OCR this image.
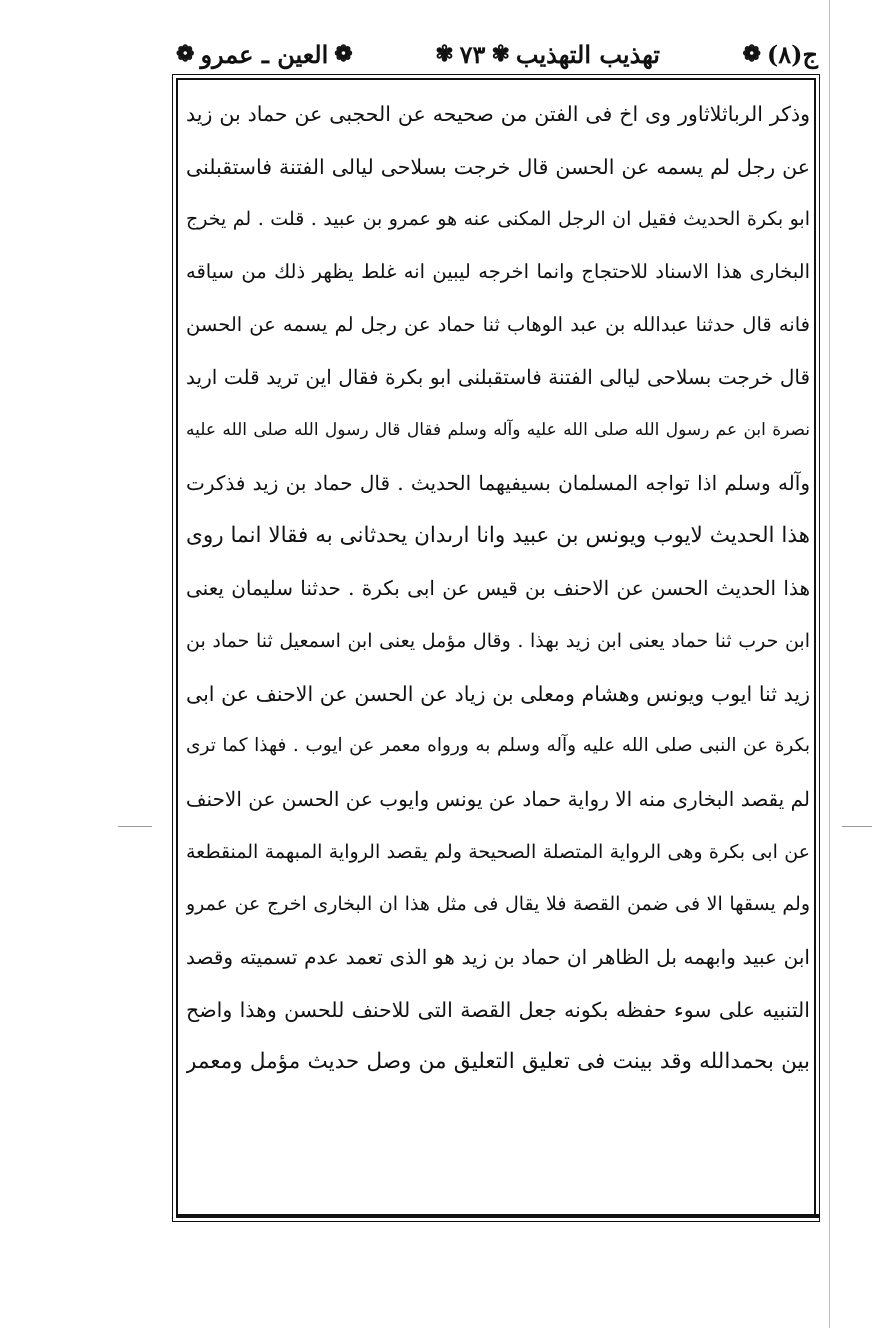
ج(٨)
❁
تهذيب التهذيب
✾
٧٣
✾
❁
العين ـ عمرو
❁
وذكر الرباثلاثاور وى اخ فى الفتن من صحيحه عن الحجبى عن حماد بن زيد
عن رجل لم يسمه عن الحسن قال خرجت بسلاحى ليالى الفتنة فاستقبلنى
ابو بكرة الحديث فقيل ان الرجل المكنى عنه هو عمرو بن عبيد . قلت . لم يخرج
البخارى هذا الاسناد للاحتجاج وانما اخرجه ليبين انه غلط يظهر ذلك من سياقه
فانه قال حدثنا عبدالله بن عبد الوهاب ثنا حماد عن رجل لم يسمه عن الحسن
قال خرجت بسلاحى ليالى الفتنة فاستقبلنى ابو بكرة فقال اين تريد قلت اريد
نصرة ابن عم رسول الله صلى الله عليه وآله وسلم فقال قال رسول الله صلى الله عليه
وآله وسلم اذا تواجه المسلمان بسيفيهما الحديث . قال حماد بن زيد فذكرت
هذا الحديث لايوب ويونس بن عبيد وانا ارىدان يحدثانى به فقالا انما روى
هذا الحديث الحسن عن الاحنف بن قيس عن ابى بكرة . حدثنا سليمان يعنى
ابن حرب ثنا حماد يعنى ابن زيد بهذا . وقال مؤمل يعنى ابن اسمعيل ثنا حماد بن
زيد ثنا ايوب ويونس وهشام ومعلى بن زياد عن الحسن عن الاحنف عن ابى
بكرة عن النبى صلى الله عليه وآله وسلم به ورواه معمر عن ايوب . فهذا كما ترى
لم يقصد البخارى منه الا رواية حماد عن يونس وايوب عن الحسن عن الاحنف
عن ابى بكرة وهى الرواية المتصلة الصحيحة ولم يقصد الرواية المبهمة المنقطعة
ولم يسقها الا فى ضمن القصة فلا يقال فى مثل هذا ان البخارى اخرج عن عمرو
ابن عبيد وابهمه بل الظاهر ان حماد بن زيد هو الذى تعمد عدم تسميته وقصد
التنبيه على سوء حفظه بكونه جعل القصة التى للاحنف للحسن وهذا واضح
بين بحمدالله وقد بينت فى تعليق التعليق من وصل حديث مؤمل ومعمر
